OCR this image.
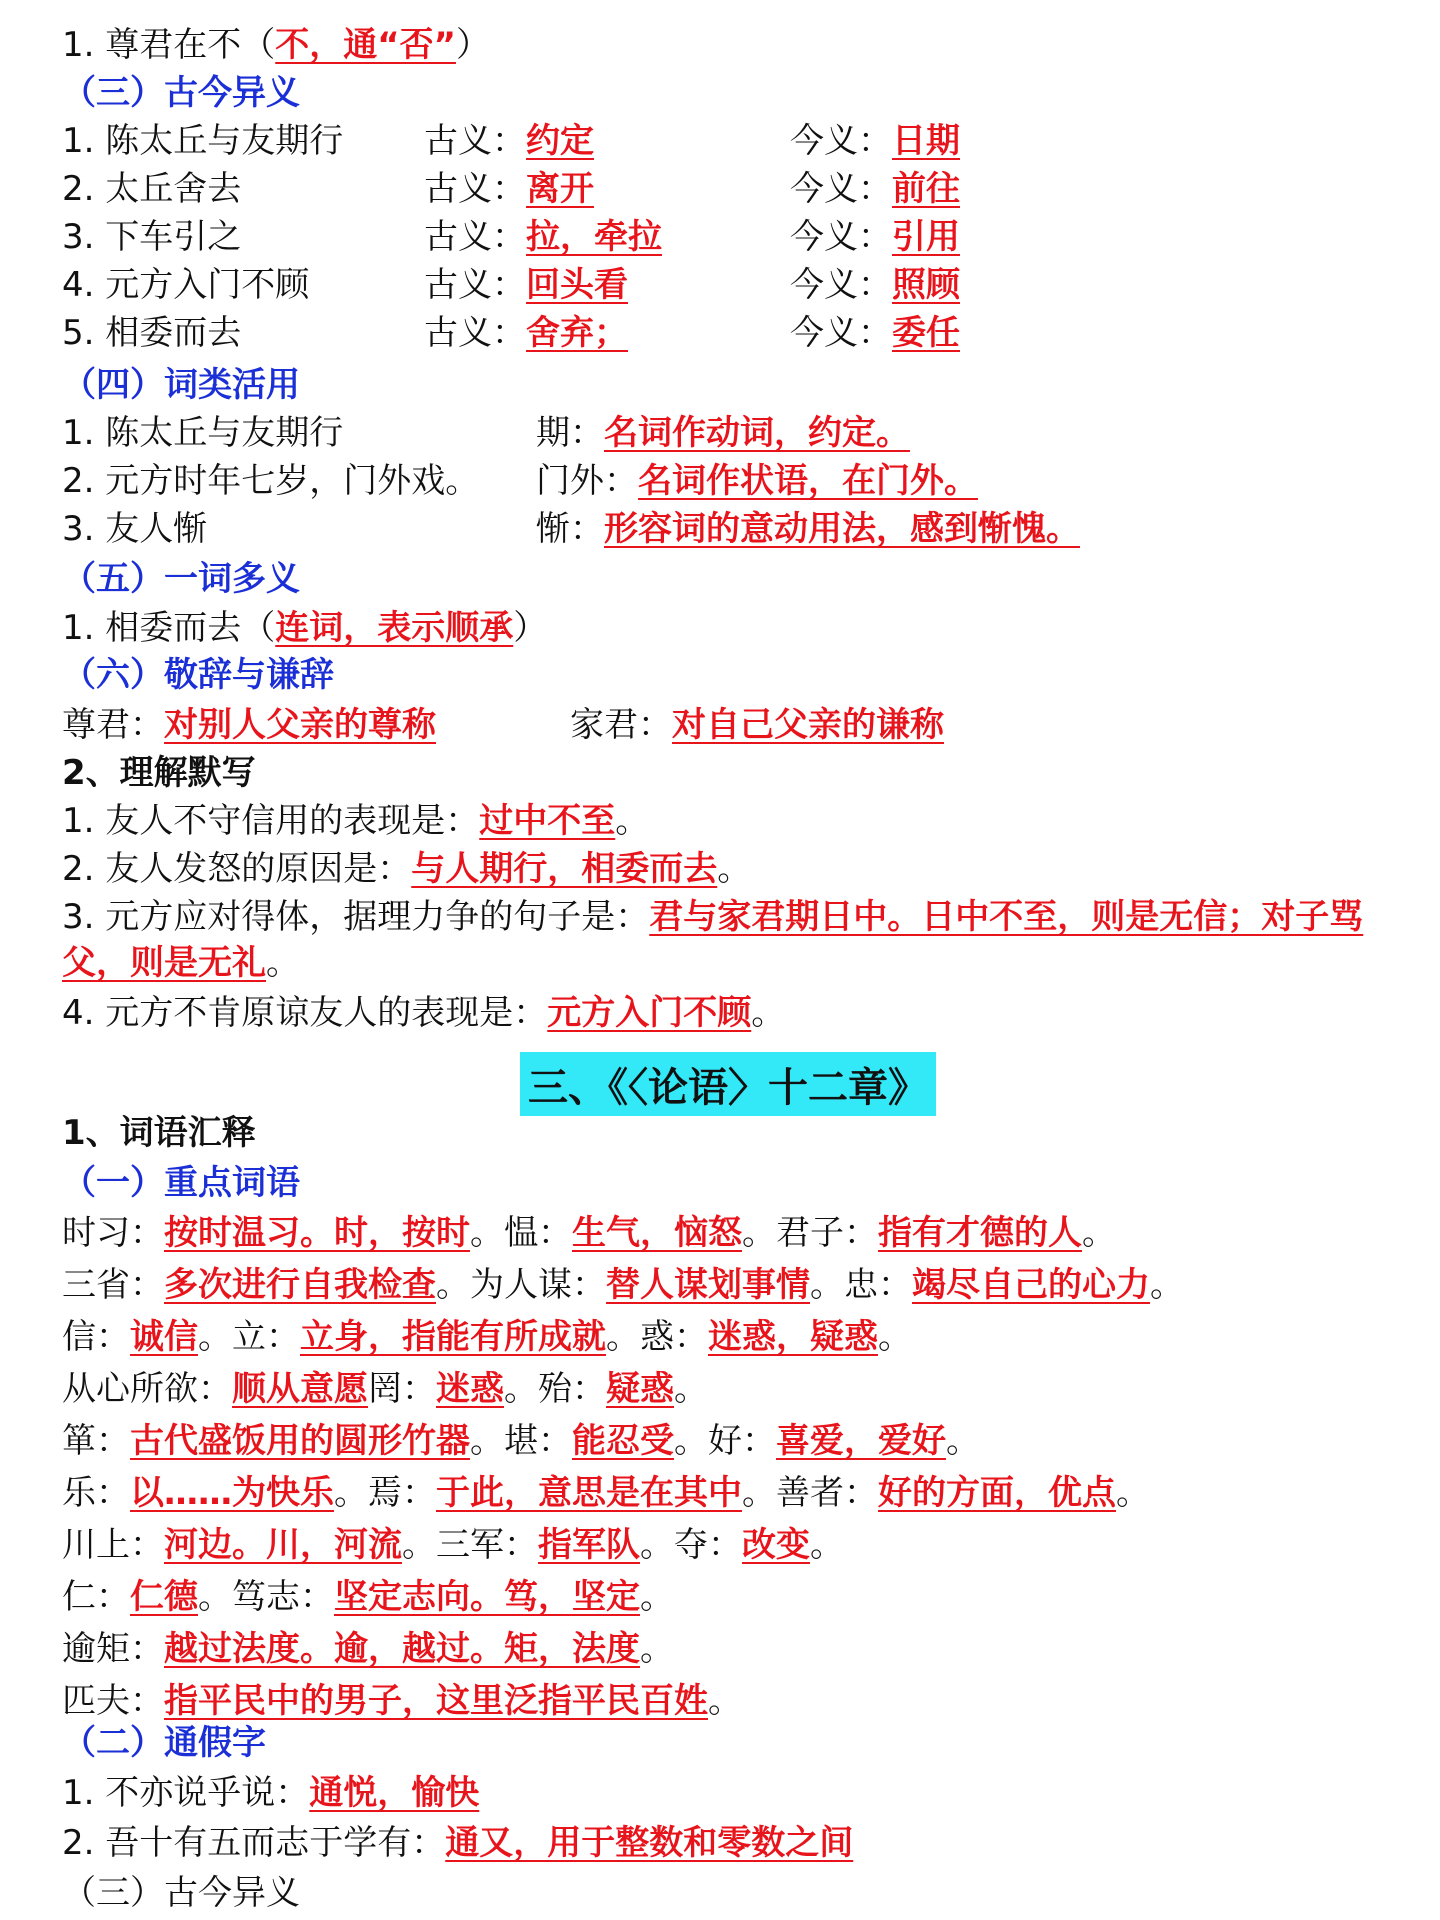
1. 尊君在不（不，通“否”）
（三）古今异义
（四）词类活用
（五）一词多义
1. 相委而去（连词，表示顺承）
（六）敬辞与谦辞
尊君：对别人父亲的尊称	家君：对自己父亲的谦称
2、理解默写
1. 友人不守信用的表现是：过中不至。
2. 友人发怒的原因是：与人期行，相委而去。
3. 元方应对得体，据理力争的句子是：君与家君期日中。日中不至，则是无信；对子骂父，则是无礼。
4. 元方不肯原谅友人的表现是：元方入门不顾。
三、《〈论语〉十二章》
1、词语汇释
（一）重点词语
（二）通假字
1. 不亦说乎说：通悦，愉快
2. 吾十有五而志于学有：通又，用于整数和零数之间
（三）古今异义
1. 陈太丘与友期行 古义：约定	今义：日期
2. 太丘舍去	古义：离开	今义：前往
3. 下车引之	古义：拉，牵拉	今义：引用
4. 元方入门不顾	古义：回头看	今义：照顾
5. 相委而去	古义：舍弃；	今义：委任
1. 陈太丘与友期行	期：名词作动词，约定。
2. 元方时年七岁，门外戏。 门外：名词作状语，在门外。
3. 友人惭	惭：形容词的意动用法，感到惭愧。
时习：按时温习。时，按时。愠：生气，恼怒。君子：指有才德的人。
三省：多次进行自我检查。为人谋：替人谋划事情。忠：竭尽自己的心力。
信：诚信。立：立身，指能有所成就。惑：迷惑，疑惑。
从心所欲：顺从意愿罔：迷惑。殆：疑惑。
箪：古代盛饭用的圆形竹器。堪：能忍受。好：喜爱，爱好。
乐：以……为快乐。焉：于此，意思是在其中。善者：好的方面，优点。
川上：河边。川，河流。三军：指军队。夺：改变。
仁：仁德。笃志：坚定志向。笃，坚定。
逾矩：越过法度。逾，越过。矩，法度。
匹夫：指平民中的男子，这里泛指平民百姓。
